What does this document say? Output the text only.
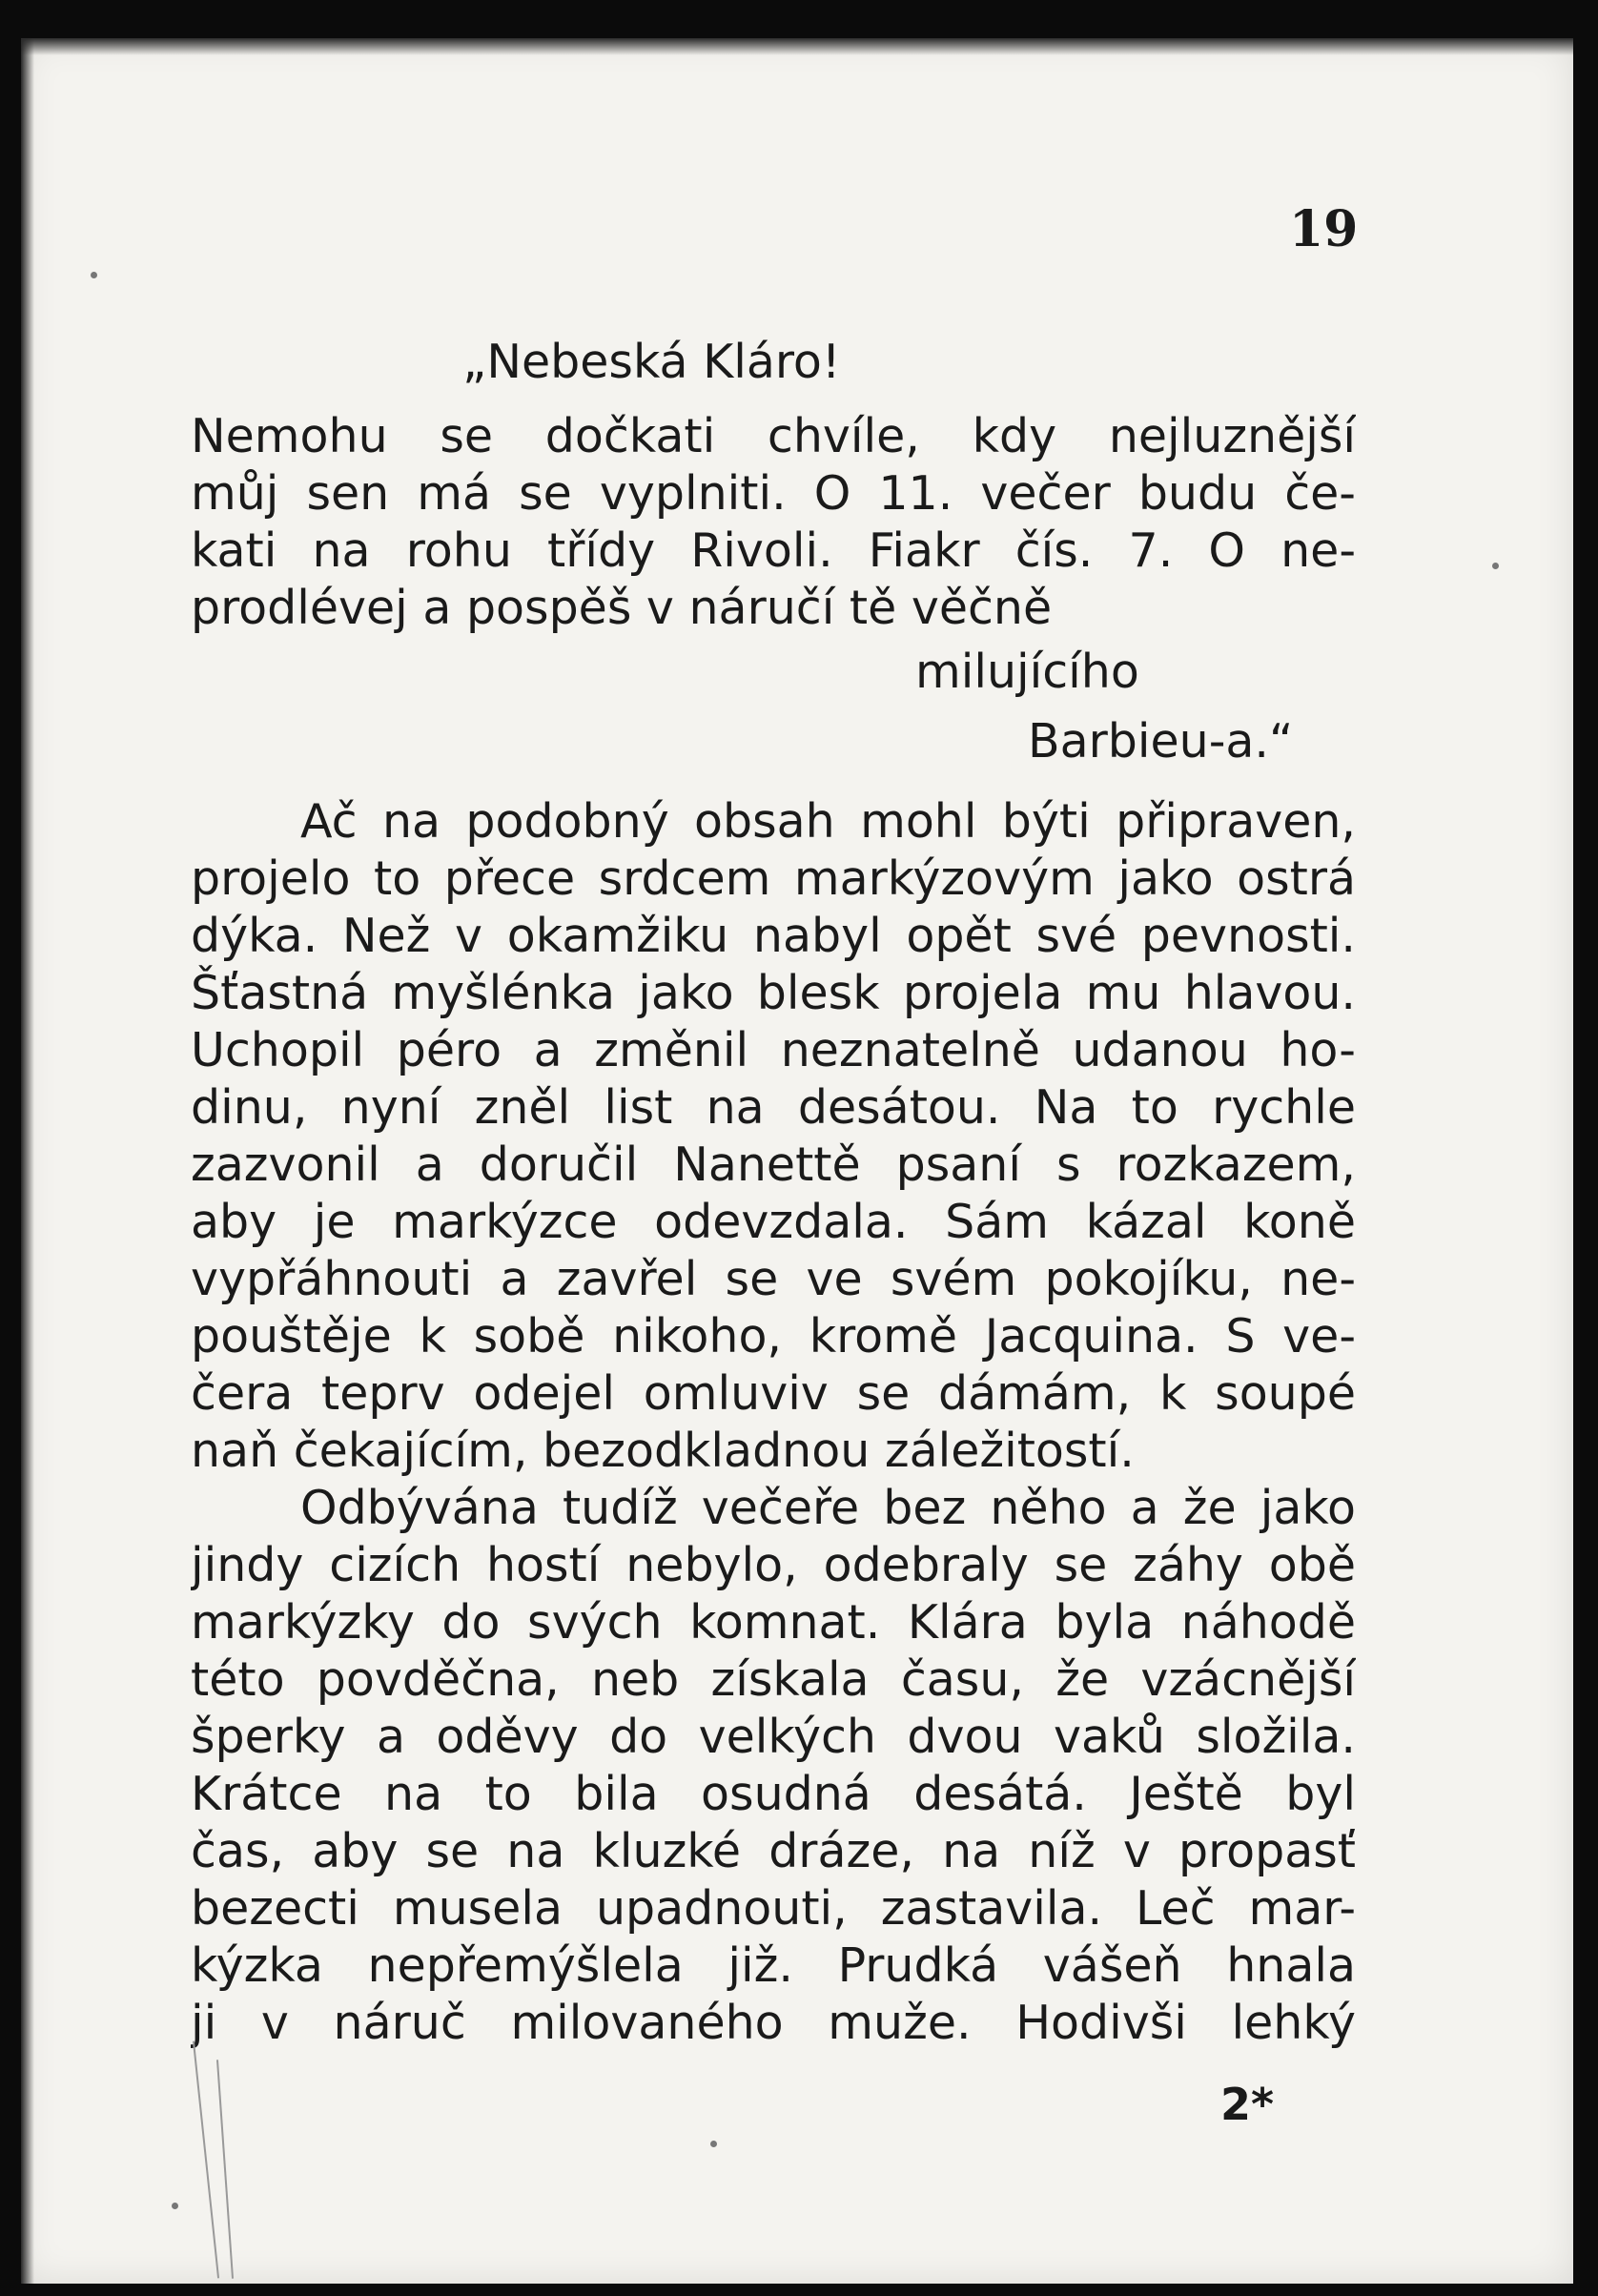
19
„Nebeská Kláro!
Nemohu se dočkati chvíle, kdy nejluznější
můj sen má se vyplniti. O 11. večer budu če-
kati na rohu třídy Rivoli. Fiakr čís. 7. O ne-
prodlévej a pospěš v náručí tě věčně
milujícího
Barbieu-a.“
Ač na podobný obsah mohl býti připraven,
projelo to přece srdcem markýzovým jako ostrá
dýka. Než v okamžiku nabyl opět své pevnosti.
Šťastná myšlénka jako blesk projela mu hlavou.
Uchopil péro a změnil neznatelně udanou ho-
dinu, nyní zněl list na desátou. Na to rychle
zazvonil a doručil Nanettě psaní s rozkazem,
aby je markýzce odevzdala. Sám kázal koně
vypřáhnouti a zavřel se ve svém pokojíku, ne-
pouštěje k sobě nikoho, kromě Jacquina. S ve-
čera teprv odejel omluviv se dámám, k soupé
naň čekajícím, bezodkladnou záležitostí.
Odbývána tudíž večeře bez něho a že jako
jindy cizích hostí nebylo, odebraly se záhy obě
markýzky do svých komnat. Klára byla náhodě
této povděčna, neb získala času, že vzácnější
šperky a oděvy do velkých dvou vaků složila.
Krátce na to bila osudná desátá. Ještě byl
čas, aby se na kluzké dráze, na níž v propasť
bezecti musela upadnouti, zastavila. Leč mar-
kýzka nepřemýšlela již. Prudká vášeň hnala
ji v náruč milovaného muže. Hodivši lehký
2*
